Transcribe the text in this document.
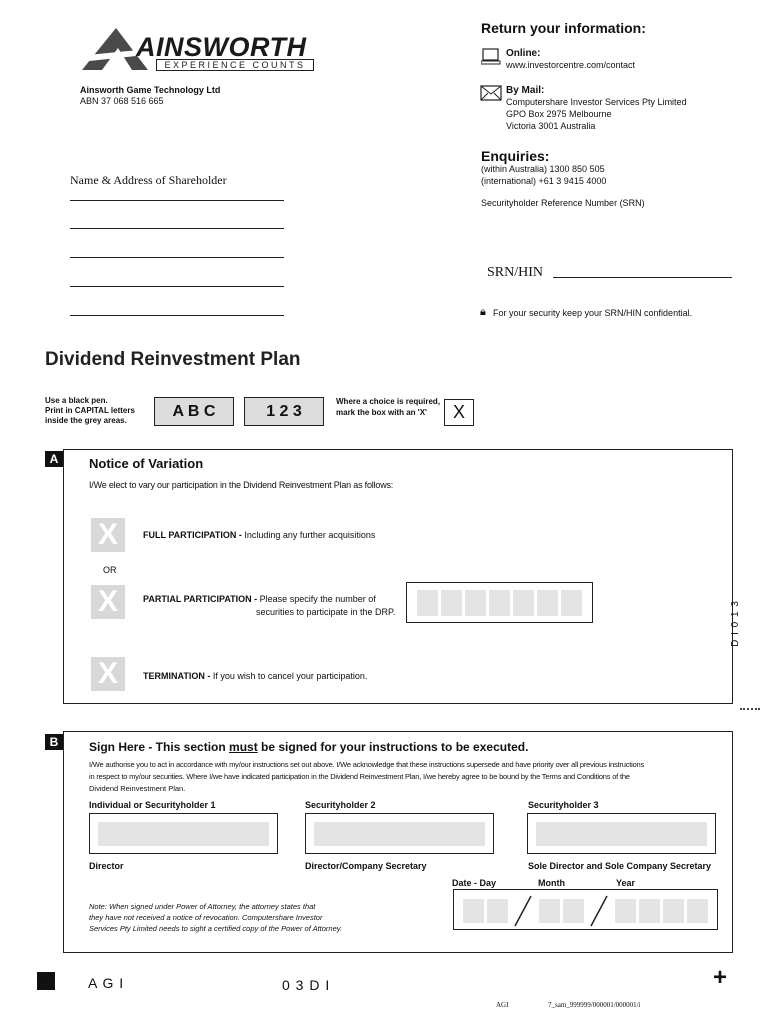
AINSWORTH
EXPERIENCE COUNTS
Ainsworth Game Technology Ltd
ABN 37 068 516 665
Return your information:
Online:
www.investorcentre.com/contact
By Mail:
Computershare Investor Services Pty Limited
GPO Box 2975 Melbourne
Victoria 3001 Australia
Enquiries:
(within Australia) 1300 850 505
(international) +61 3 9415 4000
Securityholder Reference Number (SRN)
Name & Address of Shareholder
SRN/HIN
🔒︎ For your security keep your SRN/HIN confidential.
Dividend Reinvestment Plan
Use a black pen.
Print in CAPITAL letters
inside the grey areas.
A B C	1 2 3
Where a choice is required,
mark the box with an 'X'	X
A	Notice of Variation
I/We elect to vary our participation in the Dividend Reinvestment Plan as follows:
X	FULL PARTICIPATION - Including any further acquisitions
OR
X	PARTIAL PARTICIPATION - Please specify the number of
securities to participate in the DRP.
X	TERMINATION - If you wish to cancel your participation.
D I 0 1 3
B	Sign Here - This section must be signed for your instructions to be executed.
I/We authorise you to act in accordance with my/our instructions set out above. I/We acknowledge that these instructions supersede and have priority over all previous instructions
in respect to my/our securities. Where I/we have indicated participation in the Dividend Reinvestment Plan, I/we hereby agree to be bound by the Terms and Conditions of the
Dividend Reinvestment Plan.
Individual or Securityholder 1	Securityholder 2	Securityholder 3
Director	Director/Company Secretary	Sole Director and Sole Company Secretary
Date - Day	Month	Year
Note: When signed under Power of Attorney, the attorney states that
they have not received a notice of revocation. Computershare Investor
Services Pty Limited needs to sight a certified copy of the Power of Attorney.
A G I	0 3 D I	+
AGI	7_sam_999999/000001/000001/i
